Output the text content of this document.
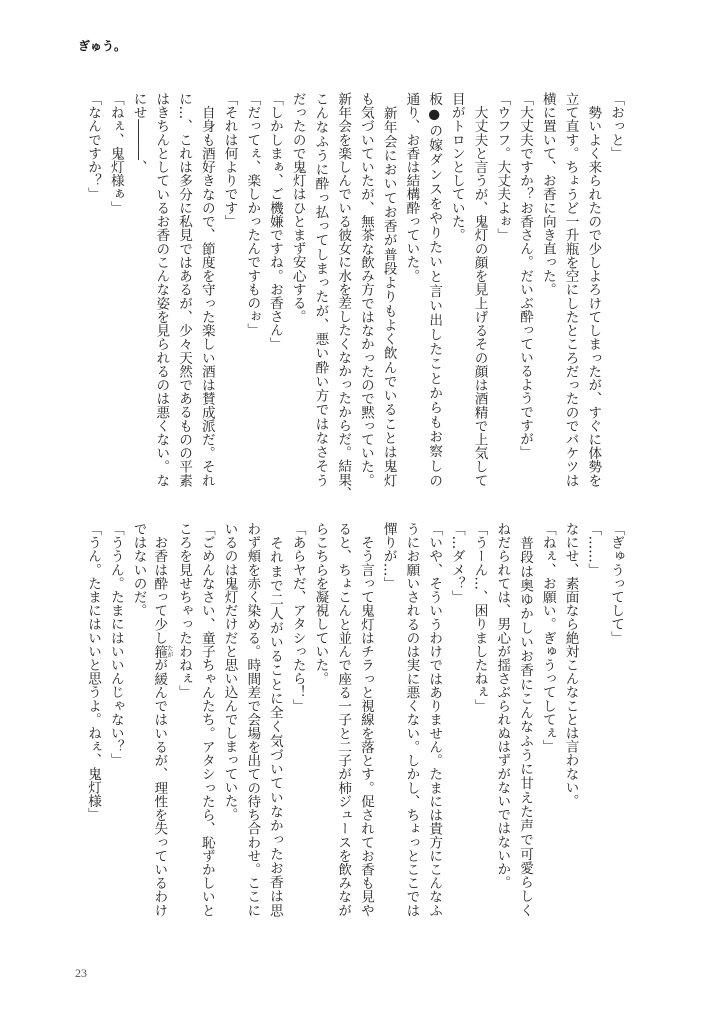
ぎゅう。
「おっと」
　勢いよく来られたので少しよろけてしまったが、すぐに体勢を
立て直す。ちょうど一升瓶を空にしたところだったのでバケツは
横に置いて、お香に向き直った。
「大丈夫ですか？お香さん。だいぶ酔っているようですが」
「ウフフ。大丈夫よぉ」
　大丈夫と言うが、鬼灯の顔を見上げるその顔は酒精で上気して
目がトロンとしていた。
板●の嫁ダンスをやりたいと言い出したことからもお察しの
通り、お香は結構酔っていた。
　新年会においてお香が普段よりもよく飲んでいることは鬼灯
も気づいていたが、無茶な飲み方ではなかったので黙っていた。
新年会を楽しんでいる彼女に水を差したくなかったからだ。結果、
こんなふうに酔っ払ってしまったが、悪い酔い方ではなさそう
だったので鬼灯はひとまず安心する。
「しかしまぁ、ご機嫌ですね。お香さん」
「だってぇ、楽しかったんですものぉ」
「それは何よりです」
　自身も酒好きなので、節度を守った楽しい酒は賛成派だ。それ
に…、これは多分に私見ではあるが、少々天然であるものの平素
はきちんとしているお香のこんな姿を見られるのは悪くない。な
にせ―――、
「ねぇ、鬼灯様ぁ」
「なんですか？」
「ぎゅうってして」
「……」
なにせ、素面なら絶対こんなことは言わない。
「ねぇ、お願い。ぎゅうってしてぇ」
　普段は奥ゆかしいお香にこんなふうに甘えた声で可愛らしく
ねだられては、男心が揺さぶられぬはずがないではないか。
「うーん…、困りましたねぇ」
「…ダメ？」
「いや、そういうわけではありません。たまには貴方にこんなふ
うにお願いされるのは実に悪くない。しかし、ちょっとここでは
憚りが…」
　そう言って鬼灯はチラっと視線を落とす。促されてお香も見や
ると、ちょこんと並んで座る一子と二子が柿ジュースを飲みなが
らこちらを凝視していた。
「あらヤだ、アタシったら！」
　それまで二人がいることに全く気づいていなかったお香は思
わず頬を赤く染める。時間差で会場を出ての待ち合わせ。ここに
いるのは鬼灯だけだと思い込んでしまっていた。
「ごめんなさい、童子ちゃんたち。アタシったら、恥ずかしいと
ころを見せちゃったわねぇ」
　お香は酔って少し箍たがが緩んではいるが、理性を失っているわけ
ではないのだ。
「ううん。たまにはいいんじゃない？」
「うん。たまにはいいと思うよ。ねぇ、鬼灯様」
23
